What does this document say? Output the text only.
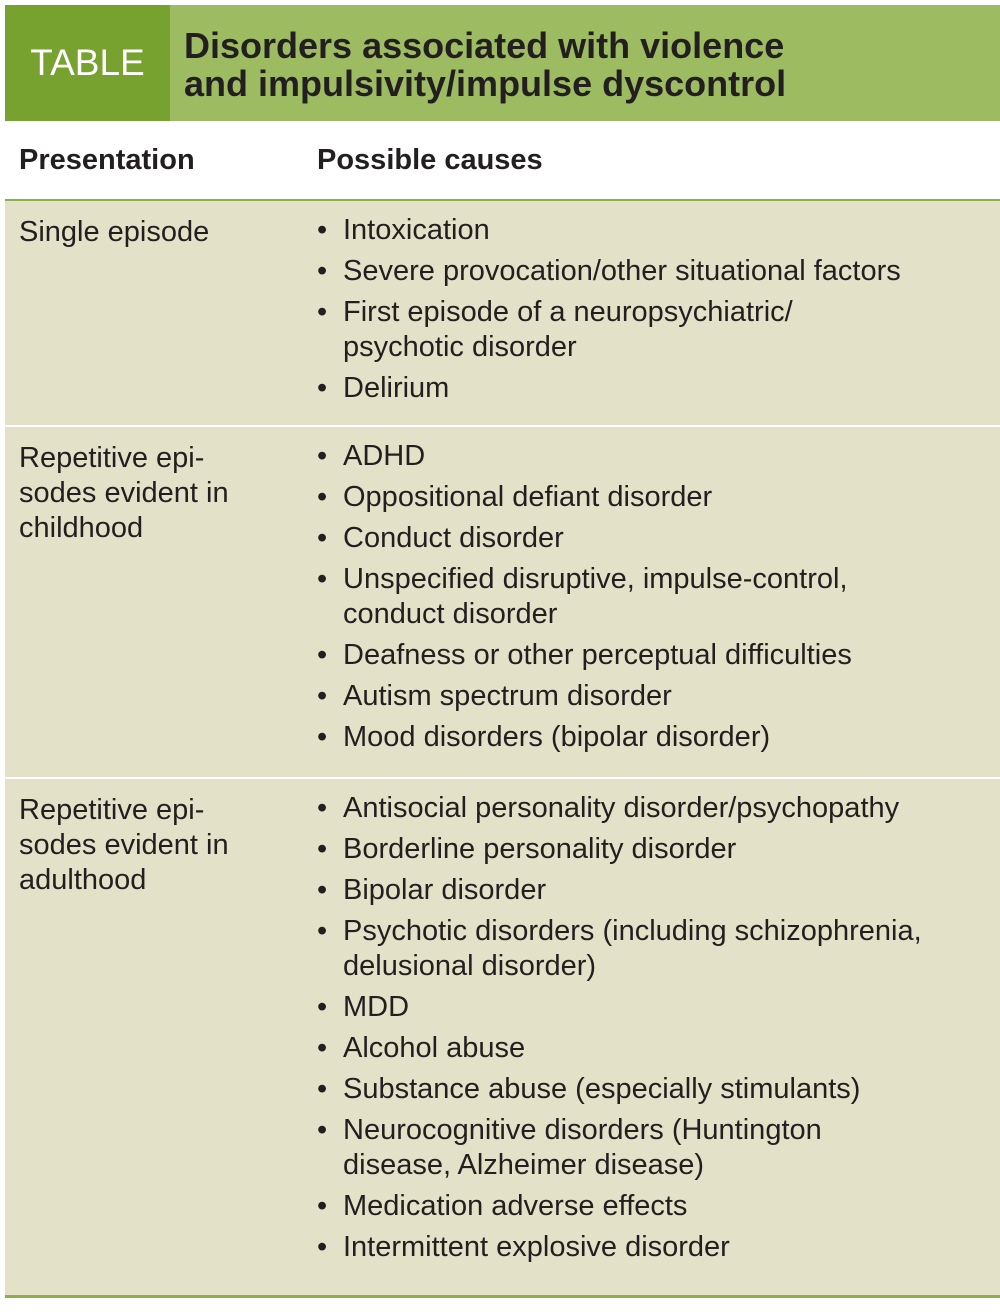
TABLE	Disorders associated with violence
and impulsivity/impulse dyscontrol
Presentation	Possible causes
Single episode
•	Intoxication
• Severe provocation/other situational factors
• First episode of a neuropsychiatric/ psychotic disorder
• Delirium
Repetitive epi- sodes evident in childhood
• ADHD
• Oppositional defiant disorder
• Conduct disorder
• Unspecified disruptive, impulse-control, conduct disorder
• Deafness or other perceptual difficulties
• Autism spectrum disorder
• Mood disorders (bipolar disorder)
Repetitive epi- sodes evident in adulthood
• Antisocial personality disorder/psychopathy
• Borderline personality disorder
• Bipolar disorder
• Psychotic disorders (including schizophrenia, delusional disorder)
• MDD
• Alcohol abuse
• Substance abuse (especially stimulants)
• Neurocognitive disorders (Huntington disease, Alzheimer disease)
• Medication adverse effects
• Intermittent explosive disorder
